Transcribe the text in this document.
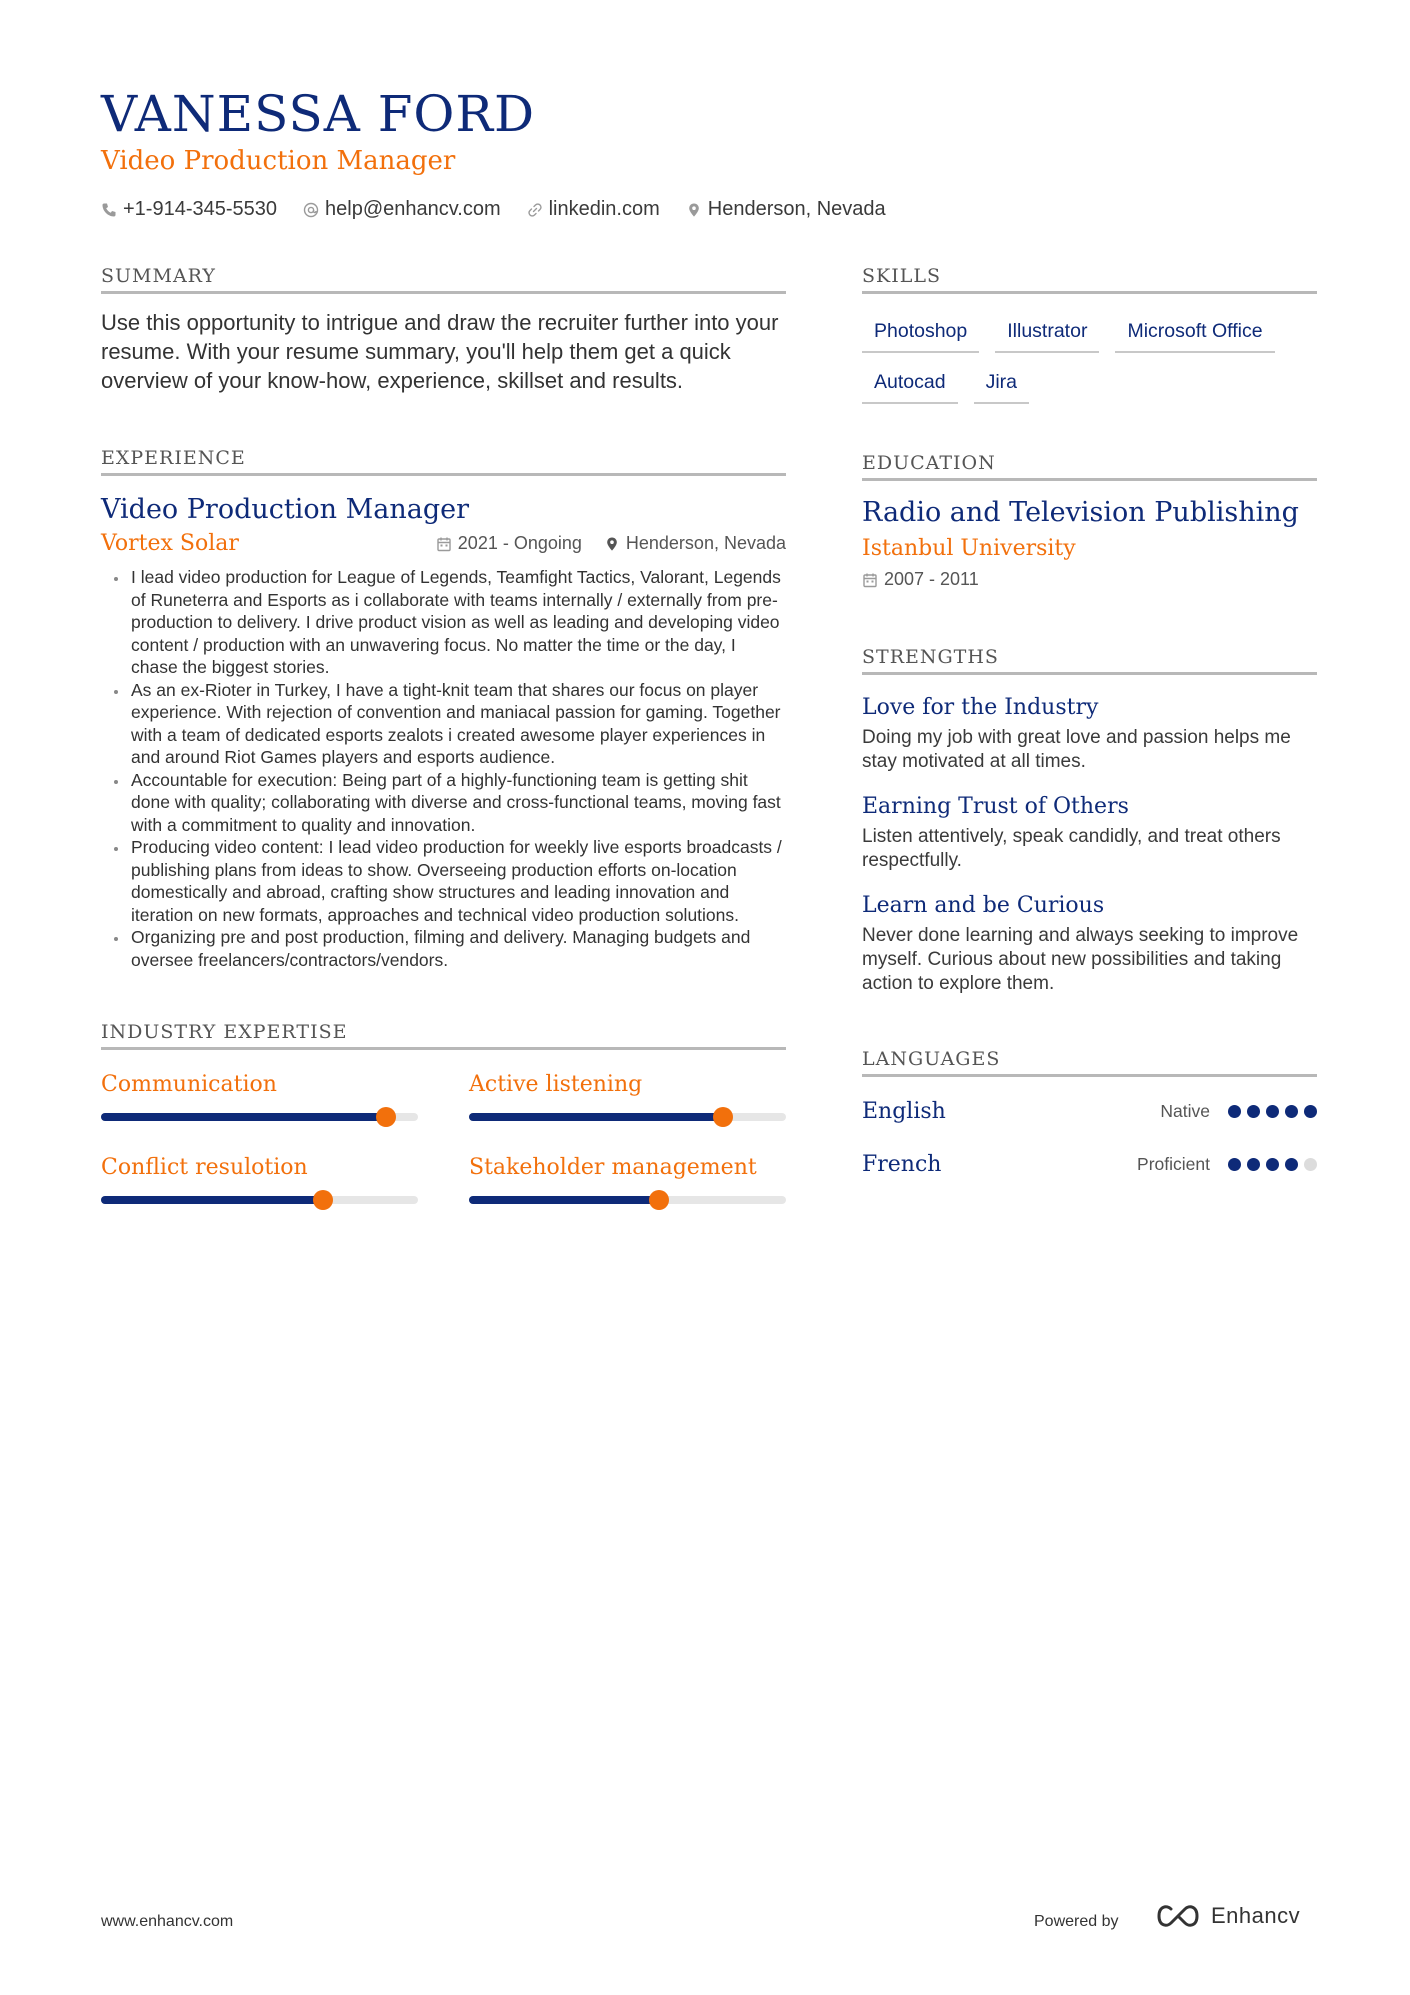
VANESSA FORD
Video Production Manager
+1-914-345-5530 help@enhancv.com linkedin.com Henderson, Nevada
SUMMARY
Use this opportunity to intrigue and draw the recruiter further into your resume. With your resume summary, you'll help them get a quick overview of your know-how, experience, skillset and results.
EXPERIENCE
Video Production Manager
Vortex Solar	2021 - Ongoing Henderson, Nevada
• I lead video production for League of Legends, Teamfight Tactics, Valorant, Legends of Runeterra and Esports as i collaborate with teams internally / externally from pre-production to delivery. I drive product vision as well as leading and developing video content / production with an unwavering focus. No matter the time or the day, I chase the biggest stories.
• As an ex-Rioter in Turkey, I have a tight-knit team that shares our focus on player experience. With rejection of convention and maniacal passion for gaming. Together with a team of dedicated esports zealots i created awesome player experiences in and around Riot Games players and esports audience.
• Accountable for execution: Being part of a highly-functioning team is getting shit done with quality; collaborating with diverse and cross-functional teams, moving fast with a commitment to quality and innovation.
• Producing video content: I lead video production for weekly live esports broadcasts / publishing plans from ideas to show. Overseeing production efforts on-location domestically and abroad, crafting show structures and leading innovation and iteration on new formats, approaches and technical video production solutions.
• Organizing pre and post production, filming and delivery. Managing budgets and oversee freelancers/contractors/vendors.
INDUSTRY EXPERTISE
Communication	Active listening
Conflict resulotion	Stakeholder management
SKILLS
Photoshop	Illustrator	Microsoft Office
Autocad	Jira
EDUCATION
Radio and Television Publishing
Istanbul University
2007 - 2011
STRENGTHS
Love for the Industry
Doing my job with great love and passion helps me stay motivated at all times.
Earning Trust of Others
Listen attentively, speak candidly, and treat others respectfully.
Learn and be Curious
Never done learning and always seeking to improve myself. Curious about new possibilities and taking action to explore them.
LANGUAGES
English	Native
French	Proficient
www.enhancv.com	Powered by	Enhancv
